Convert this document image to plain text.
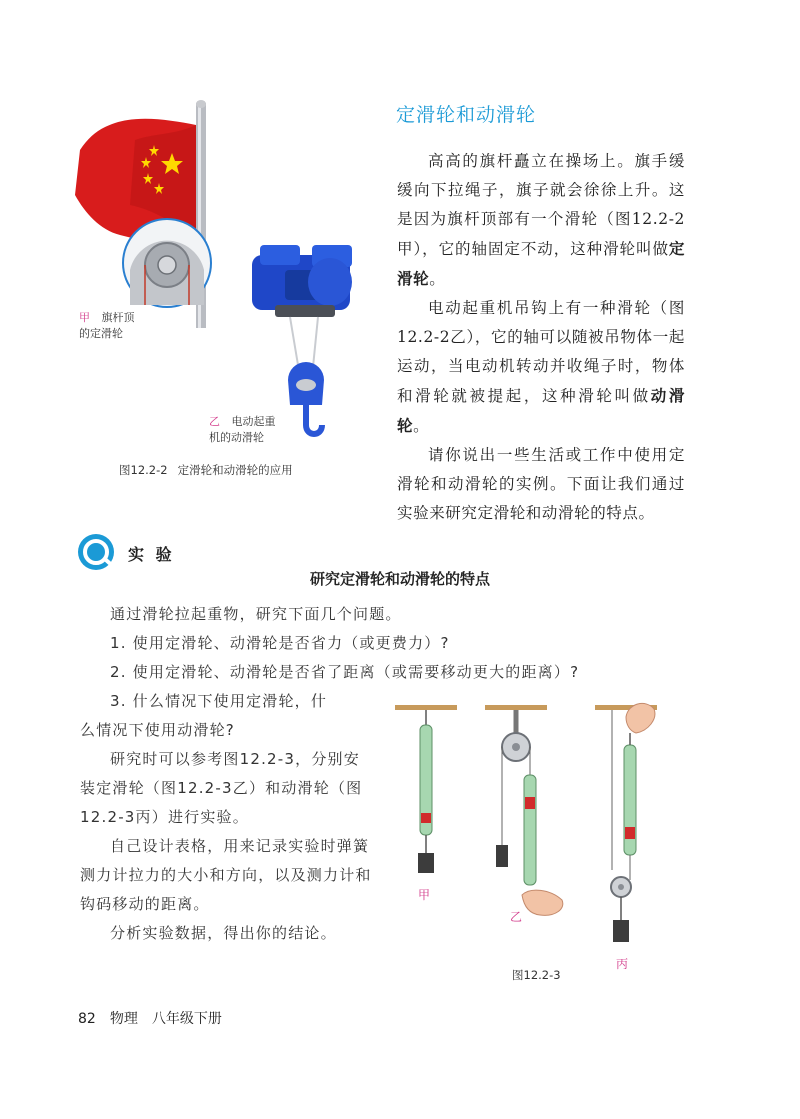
甲 旗杆顶
的定滑轮
乙 电动起重
机的动滑轮
图12.2-2 定滑轮和动滑轮的应用
定滑轮和动滑轮

高高的旗杆矗立在操场上。旗手缓缓向下拉绳子，旗子就会徐徐上升。这是因为旗杆顶部有一个滑轮（图12.2-2甲），它的轴固定不动，这种滑轮叫做定滑轮。

电动起重机吊钩上有一种滑轮（图12.2-2乙），它的轴可以随被吊物体一起运动，当电动机转动并收绳子时，物体和滑轮就被提起，这种滑轮叫做动滑轮。

请你说出一些生活或工作中使用定滑轮和动滑轮的实例。下面让我们通过实验来研究定滑轮和动滑轮的特点。

实 验
研究定滑轮和动滑轮的特点

通过滑轮拉起重物，研究下面几个问题。

1. 使用定滑轮、动滑轮是否省力（或更费力）?

2. 使用定滑轮、动滑轮是否省了距离（或需要移动更大的距离）?

3. 什么情况下使用定滑轮，什

么情况下使用动滑轮?

研究时可以参考图12.2-3，分别安装定滑轮（图12.2-3乙）和动滑轮（图12.2-3丙）进行实验。

自己设计表格，用来记录实验时弹簧测力计拉力的大小和方向，以及测力计和钩码移动的距离。

分析实验数据，得出你的结论。

甲
乙
丙
图12.2-3
82 物理 八年级下册
